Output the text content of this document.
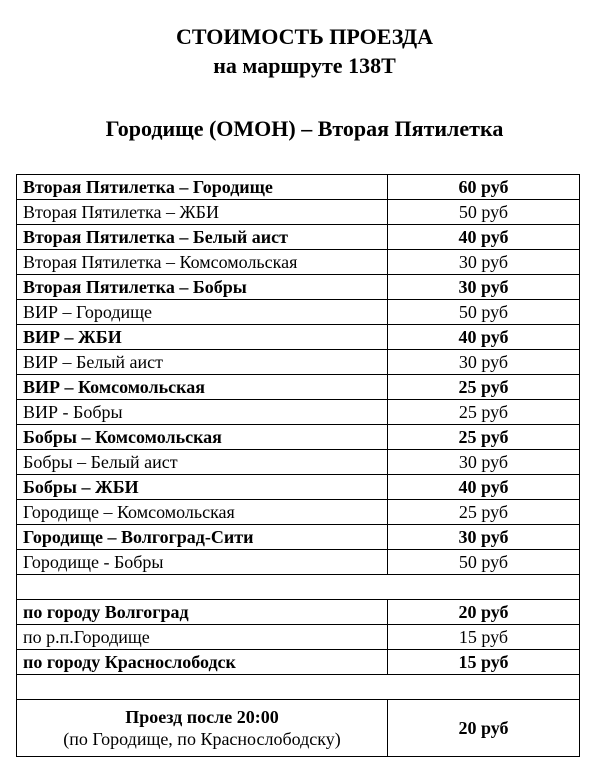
СТОИМОСТЬ ПРОЕЗДА
на маршруте 138Т
Городище (ОМОН) – Вторая Пятилетка
Вторая Пятилетка – Городище	60 руб
Вторая Пятилетка – ЖБИ	50 руб
Вторая Пятилетка – Белый аист	40 руб
Вторая Пятилетка – Комсомольская	30 руб
Вторая Пятилетка – Бобры	30 руб
ВИР – Городище	50 руб
ВИР – ЖБИ	40 руб
ВИР – Белый аист	30 руб
ВИР – Комсомольская	25 руб
ВИР - Бобры	25 руб
Бобры – Комсомольская	25 руб
Бобры – Белый аист	30 руб
Бобры – ЖБИ	40 руб
Городище – Комсомольская	25 руб
Городище – Волгоград-Сити	30 руб
Городище - Бобры	50 руб

по городу Волгоград	20 руб
по р.п.Городище	15 руб
по городу Краснослободск	15 руб

Проезд после 20:00
(по Городище, по Краснослободску)	20 руб
